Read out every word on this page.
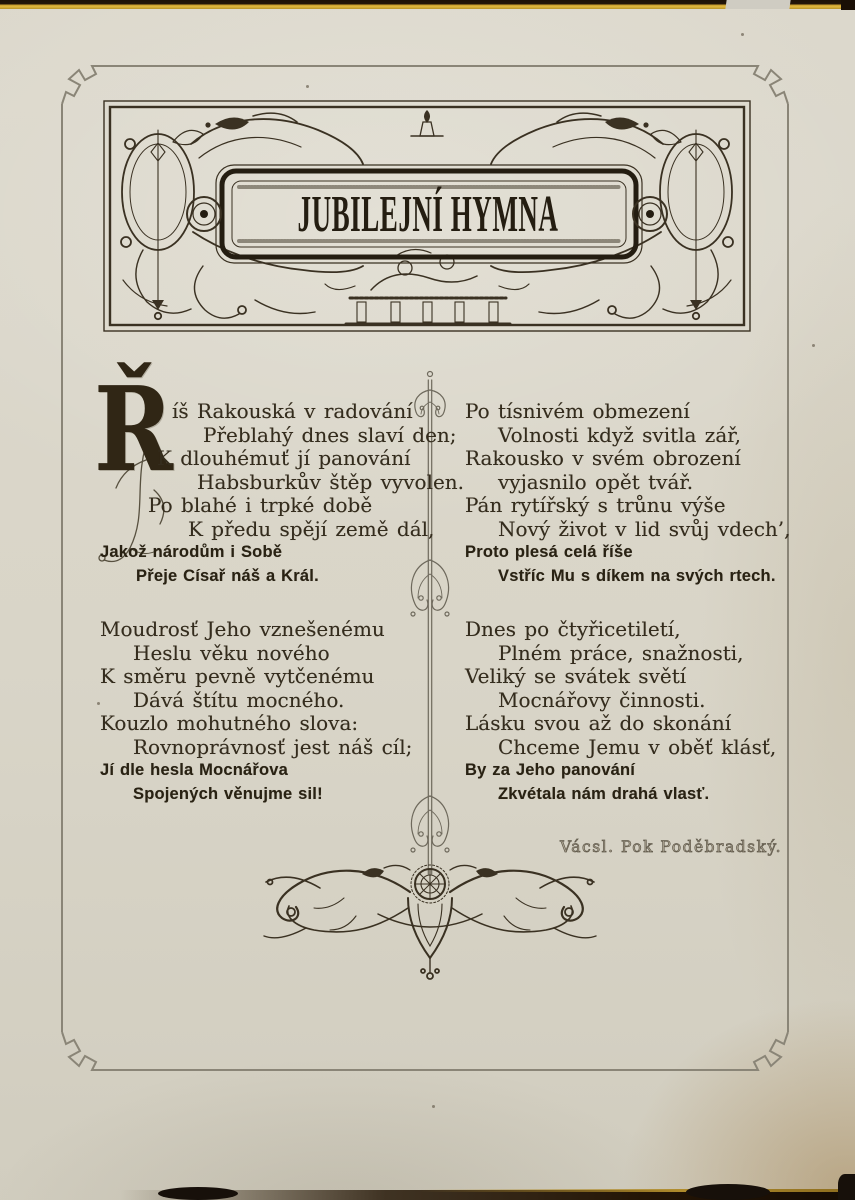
JUBILEJNÍ HYMNA
Ř
íš Rakouská v radování
Přeblahý dnes slaví den;
K dlouhémuť jí panování
Habsburkův štěp vyvolen.
Po blahé i trpké době
K předu spějí země dál,
Jakož národům i Sobě
Přeje Císař náš a Král.
Moudrosť Jeho vznešenému
Heslu věku nového
K směru pevně vytčenému
Dává štítu mocného.
Kouzlo mohutného slova:
Rovnoprávnosť jest náš cíl;
Jí dle hesla Mocnářova
Spojených věnujme sil!
Po tísnivém obmezení
Volnosti když svitla zář,
Rakousko v svém obrození
vyjasnilo opět tvář.
Pán rytířský s trůnu výše
Nový život v lid svůj vdech’,
Proto plesá celá říše
Vstříc Mu s díkem na svých rtech.
Dnes po čtyřicetiletí,
Plném práce, snažnosti,
Veliký se svátek světí
Mocnářovy činnosti.
Lásku svou až do skonání
Chceme Jemu v oběť klásť,
By za Jeho panování
Zkvétala nám drahá vlasť.
Vácsl. Pok Poděbradský.
